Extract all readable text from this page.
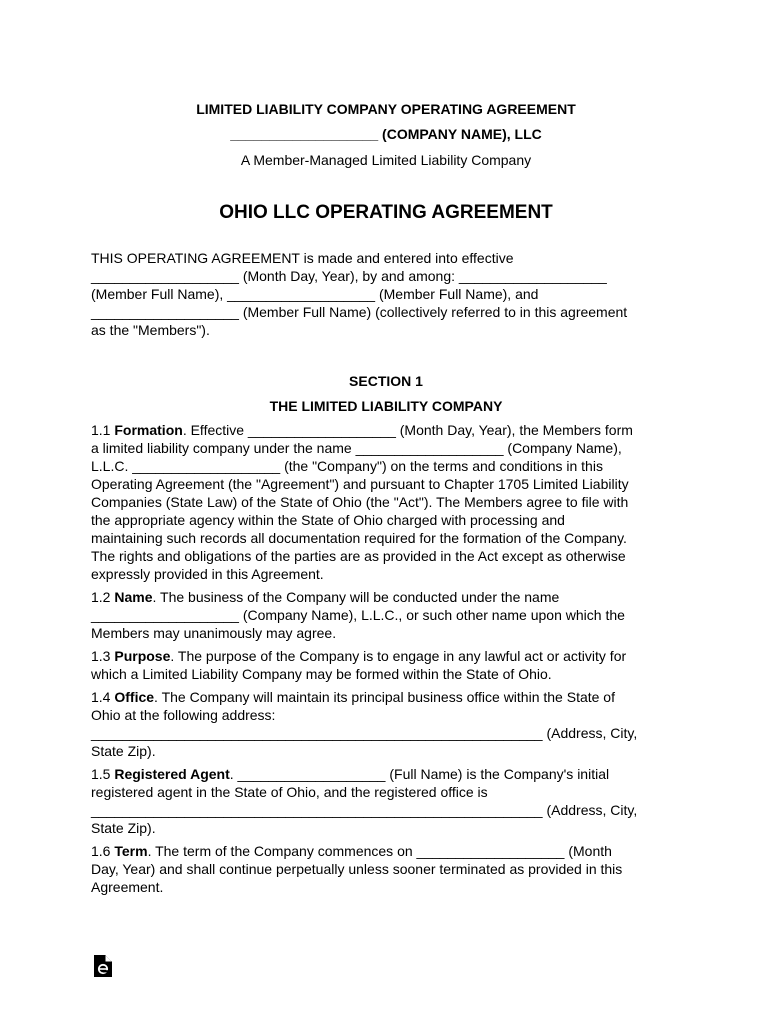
LIMITED LIABILITY COMPANY OPERATING AGREEMENT
___________________ (COMPANY NAME), LLC
A Member-Managed Limited Liability Company
OHIO LLC OPERATING AGREEMENT
THIS OPERATING AGREEMENT is made and entered into effective
___________________ (Month Day, Year), by and among: ___________________
(Member Full Name), ___________________ (Member Full Name), and
___________________ (Member Full Name) (collectively referred to in this agreement
as the "Members").
SECTION 1
THE LIMITED LIABILITY COMPANY
1.1 Formation. Effective ___________________ (Month Day, Year), the Members form
a limited liability company under the name ___________________ (Company Name),
L.L.C. ___________________ (the "Company") on the terms and conditions in this
Operating Agreement (the "Agreement") and pursuant to Chapter 1705 Limited Liability
Companies (State Law) of the State of Ohio (the "Act"). The Members agree to file with
the appropriate agency within the State of Ohio charged with processing and
maintaining such records all documentation required for the formation of the Company.
The rights and obligations of the parties are as provided in the Act except as otherwise
expressly provided in this Agreement.
1.2 Name. The business of the Company will be conducted under the name
___________________ (Company Name), L.L.C., or such other name upon which the
Members may unanimously may agree.
1.3 Purpose. The purpose of the Company is to engage in any lawful act or activity for
which a Limited Liability Company may be formed within the State of Ohio.
1.4 Office. The Company will maintain its principal business office within the State of
Ohio at the following address:
__________________________________________________________ (Address, City,
State Zip).
1.5 Registered Agent. ___________________ (Full Name) is the Company's initial
registered agent in the State of Ohio, and the registered office is
__________________________________________________________ (Address, City,
State Zip).
1.6 Term. The term of the Company commences on ___________________ (Month
Day, Year) and shall continue perpetually unless sooner terminated as provided in this
Agreement.
